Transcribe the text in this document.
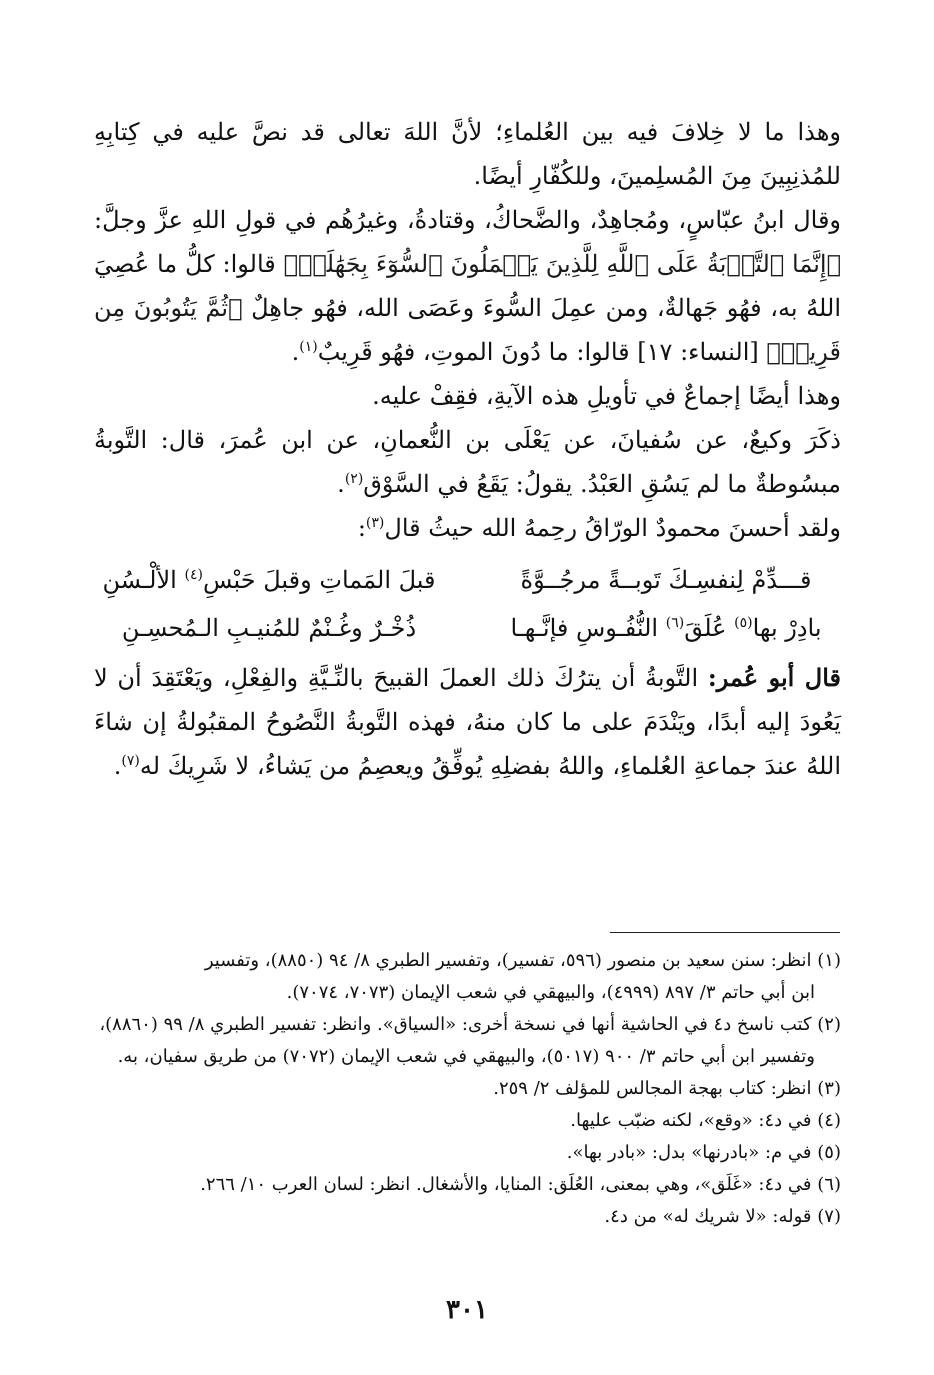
وهذا ما لا خِلافَ فيه بين العُلماءِ؛ لأنَّ اللهَ تعالى قد نصَّ عليه في كِتابِهِ للمُذنِبِينَ مِنَ المُسلِمينَ، وللكُفّارِ أيضًا.

وقال ابنُ عبّاسٍ، ومُجاهِدٌ، والضَّحاكُ، وقتادةُ، وغيرُهُم في قولِ اللهِ عزَّ وجلَّ: ﴿إِنَّمَا ٱلتَّوۡبَةُ عَلَى ٱللَّهِ لِلَّذِينَ يَعۡمَلُونَ ٱلسُّوٓءَ بِجَهَٰلَةٖ﴾ قالوا: كلُّ ما عُصِيَ اللهُ به، فهُو جَهالةٌ، ومن عمِلَ السُّوءَ وعَصَى الله، فهُو جاهِلٌ ﴿ثُمَّ يَتُوبُونَ مِن قَرِيبٖ﴾ [النساء: ١٧] قالوا: ما دُونَ الموتِ، فهُو قَرِيبٌ$^{(١)}$.

وهذا أيضًا إجماعٌ في تأويلِ هذه الآيةِ، فقِفْ عليه.

ذكَرَ وكيعٌ، عن سُفيانَ، عن يَعْلَى بن النُّعمانِ، عن ابن عُمرَ، قال: التَّوبةُ مبسُوطةٌ ما لم يَسُقِ العَبْدُ. يقولُ: يَقَعُ في السَّوْق$^{(٢)}$.

ولقد أحسنَ محمودٌ الورّاقُ رحِمهُ الله حيثُ قال$^{(٣)}$:

قـــدِّمْ لِنفسِـكَ تَوبــةً مرجُــوَّةً
قبلَ المَماتِ وقبلَ حَبْسِ$^{(٤)}$ الألْـسُنِ
بادِرْ بها$^{(٥)}$ عُلَقَ$^{(٦)}$ النُّفُـوسِ فإنَّـهـا
ذُخْـرٌ وغُـنْمٌ للمُنيـبِ الـمُحسِـنِ

قال أبو عُمر: التَّوبةُ أن يترُكَ ذلك العملَ القبيحَ بالنِّـيَّةِ والفِعْلِ، ويَعْتَقِدَ أن لا يَعُودَ إليه أبدًا، ويَنْدَمَ على ما كان منهُ، فهذه التَّوبةُ النَّصُوحُ المقبُولةُ إن شاءَ اللهُ عندَ جماعةِ العُلماءِ، واللهُ بفضلِهِ يُوفِّقُ ويعصِمُ من يَشاءُ، لا شَرِيكَ له$^{(٧)}$.

(١) انظر: سنن سعيد بن منصور (٥٩٦، تفسير)، وتفسير الطبري ٨/ ٩٤ (٨٨٥٠)، وتفسير

ابن أبي حاتم ٣/ ٨٩٧ (٤٩٩٩)، والبيهقي في شعب الإيمان (٧٠٧٣، ٧٠٧٤).

(٢) كتب ناسخ د٤ في الحاشية أنها في نسخة أخرى: «السياق». وانظر: تفسير الطبري ٨/ ٩٩ (٨٨٦٠)،

وتفسير ابن أبي حاتم ٣/ ٩٠٠ (٥٠١٧)، والبيهقي في شعب الإيمان (٧٠٧٢) من طريق سفيان، به.

(٣) انظر: كتاب بهجة المجالس للمؤلف ٢/ ٢٥٩.

(٤) في د٤: «وقع»، لكنه ضبّب عليها.

(٥) في م: «بادرنها» بدل: «بادر بها».

(٦) في د٤: «غَلَق»، وهي بمعنى، العُلَق: المنايا، والأشغال. انظر: لسان العرب ١٠/ ٢٦٦.

(٧) قوله: «لا شريك له» من د٤.

٣٠١
